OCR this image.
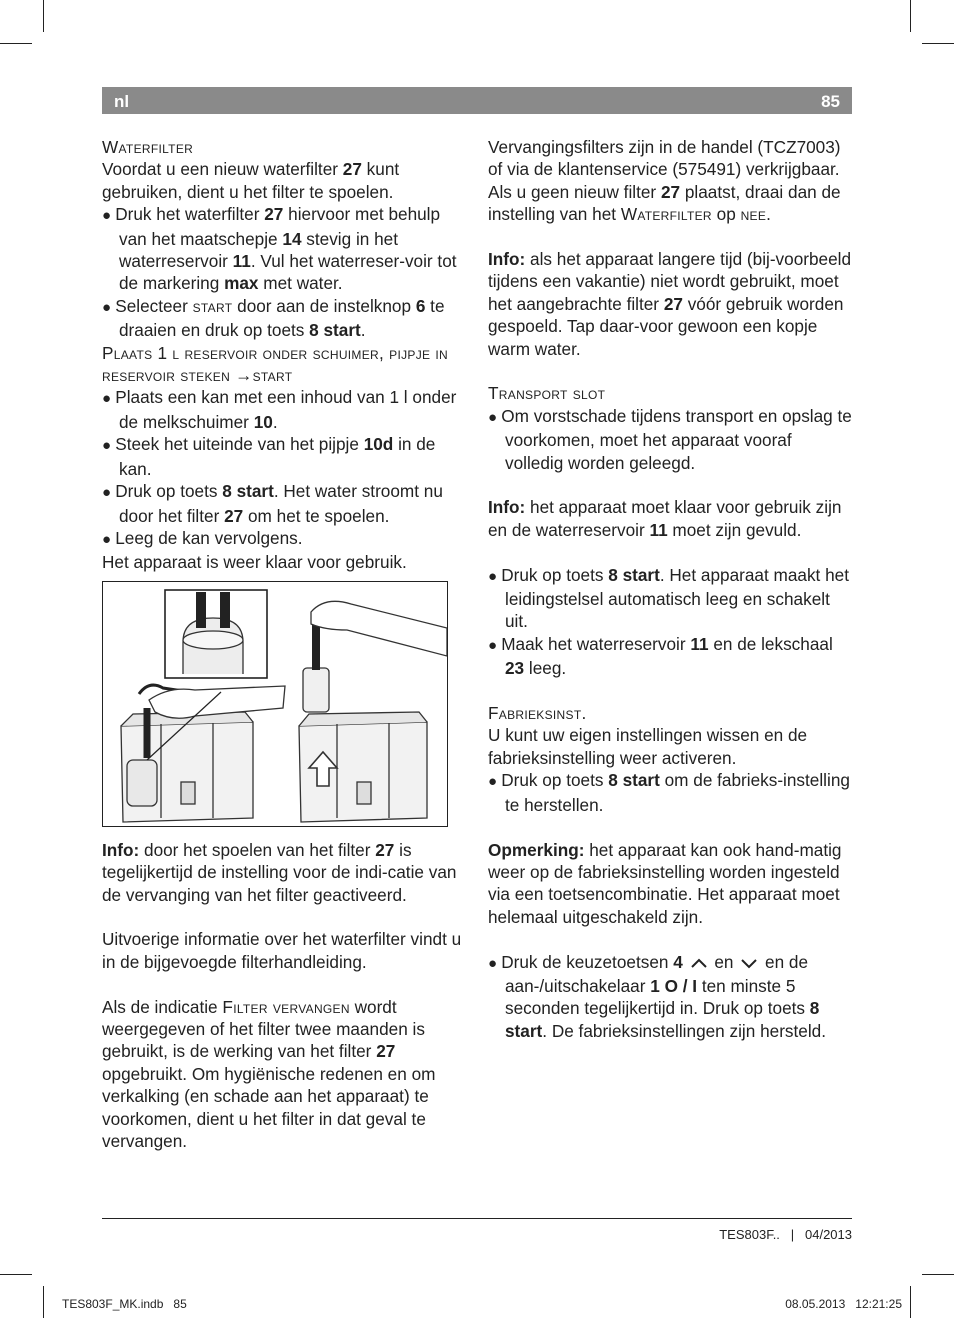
nl	85
Waterfilter
Voordat u een nieuw waterfilter 27 kunt gebruiken, dient u het filter te spoelen.
● Druk het waterfilter 27 hiervoor met behulp van het maatschepje 14 stevig in het waterreservoir 11. Vul het waterreser-voir tot de markering max met water.
● Selecteer start door aan de instelknop 6 te draaien en druk op toets 8 start.
Plaats 1 l reservoir onder schuimer, pijpje in reservoir steken →start
● Plaats een kan met een inhoud van 1 l onder de melkschuimer 10.
● Steek het uiteinde van het pijpje 10d in de kan.
● Druk op toets 8 start. Het water stroomt nu door het filter 27 om het te spoelen.
● Leeg de kan vervolgens.
Het apparaat is weer klaar voor gebruik.
Info: door het spoelen van het filter 27 is tegelijkertijd de instelling voor de indi-catie van de vervanging van het filter geactiveerd.
Uitvoerige informatie over het waterfilter vindt u in de bijgevoegde filterhandleiding.
Als de indicatie Filter vervangen wordt weergegeven of het filter twee maanden is gebruikt, is de werking van het filter 27 opgebruikt. Om hygiënische redenen en om verkalking (en schade aan het apparaat) te voorkomen, dient u het filter in dat geval te vervangen.
Vervangingsfilters zijn in de handel (TCZ7003) of via de klantenservice (575491) verkrijgbaar.
Als u geen nieuw filter 27 plaatst, draai dan de instelling van het Waterfilter op nee.
Info: als het apparaat langere tijd (bij-voorbeeld tijdens een vakantie) niet wordt gebruikt, moet het aangebrachte filter 27 vóór gebruik worden gespoeld. Tap daar-voor gewoon een kopje warm water.
Transport slot
● Om vorstschade tijdens transport en opslag te voorkomen, moet het apparaat vooraf volledig worden geleegd.
Info: het apparaat moet klaar voor gebruik zijn en de waterreservoir 11 moet zijn gevuld.
● Druk op toets 8 start. Het apparaat maakt het leidingstelsel automatisch leeg en schakelt uit.
● Maak het waterreservoir 11 en de lekschaal 23 leeg.
Fabrieksinst.
U kunt uw eigen instellingen wissen en de fabrieksinstelling weer activeren.
● Druk op toets 8 start om de fabrieks-instelling te herstellen.
Opmerking: het apparaat kan ook hand-matig weer op de fabrieksinstelling worden ingesteld via een toetsencombinatie. Het apparaat moet helemaal uitgeschakeld zijn.
● Druk de keuzetoetsen 4  en  en de aan-/uitschakelaar 1 O / I ten minste 5 seconden tegelijkertijd in. Druk op toets 8 start. De fabrieksinstellingen zijn hersteld.
TES803F.. | 04/2013
TES803F_MK.indb 85	08.05.2013   12:21:25
